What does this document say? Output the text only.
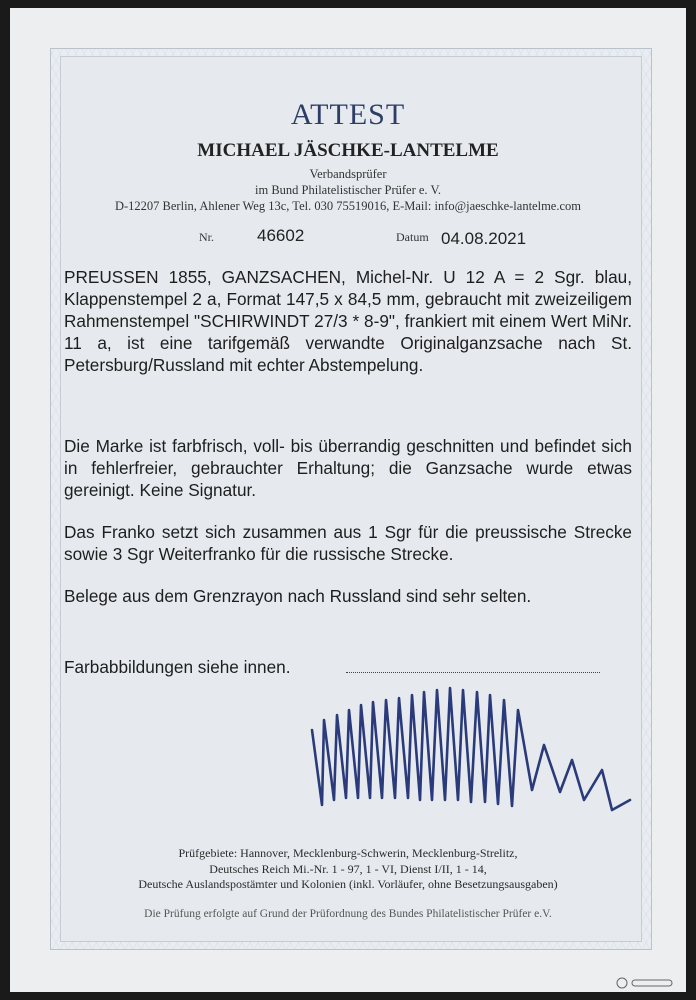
ATTEST
MICHAEL JÄSCHKE-LANTELME
Verbandsprüfer
im Bund Philatelistischer Prüfer e. V.
D-12207 Berlin, Ahlener Weg 13c, Tel. 030 75519016, E-Mail: info@jaeschke-lantelme.com
Nr.	46602	Datum 04.08.2021

PREUSSEN 1855, GANZSACHEN, Michel-Nr. U 12 A = 2 Sgr. blau, Klappenstempel 2 a, Format 147,5 x 84,5 mm, gebraucht mit zweizeiligem Rahmenstempel "SCHIRWINDT 27/3 * 8-9", frankiert mit einem Wert MiNr. 11 a, ist eine tarifgemäß verwandte Originalganzsache nach St. Petersburg/Russland mit echter Abstempelung.

Die Marke ist farbfrisch, voll- bis überrandig geschnitten und befindet sich in fehlerfreier, gebrauchter Erhaltung; die Ganzsache wurde etwas gereinigt. Keine Signatur.

Das Franko setzt sich zusammen aus 1 Sgr für die preussische Strecke sowie 3 Sgr Weiterfranko für die russische Strecke.

Belege aus dem Grenzrayon nach Russland sind sehr selten.

Farbabbildungen siehe innen.

Prüfgebiete: Hannover, Mecklenburg-Schwerin, Mecklenburg-Strelitz,
Deutsches Reich Mi.-Nr. 1 - 97, 1 - VI, Dienst I/II, 1 - 14,
Deutsche Auslandspostämter und Kolonien (inkl. Vorläufer, ohne Besetzungsausgaben)
Die Prüfung erfolgte auf Grund der Prüfordnung des Bundes Philatelistischer Prüfer e.V.
